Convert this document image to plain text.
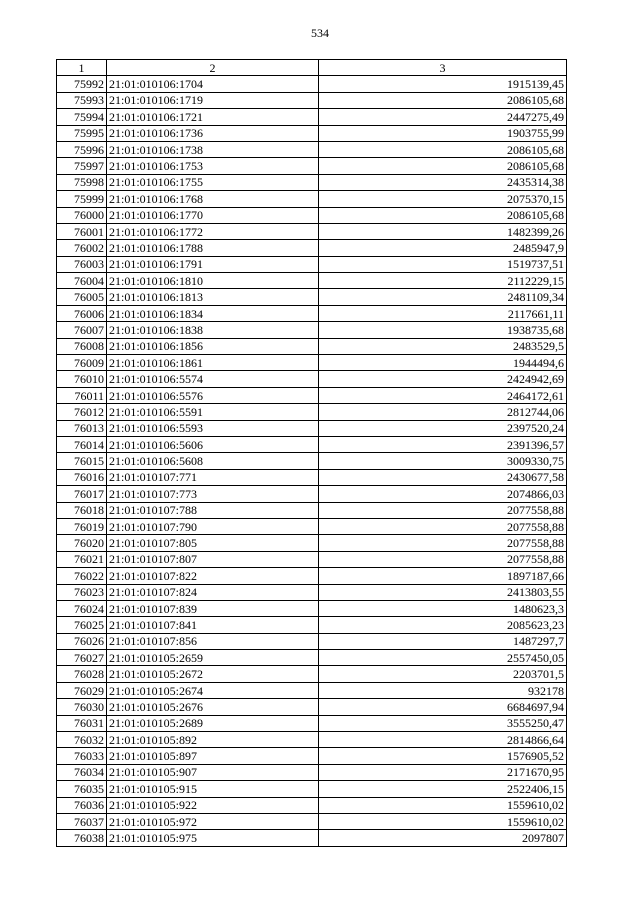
534
1	2	3
75992	21:01:010106:1704	1915139,45
75993	21:01:010106:1719	2086105,68
75994	21:01:010106:1721	2447275,49
75995	21:01:010106:1736	1903755,99
75996	21:01:010106:1738	2086105,68
75997	21:01:010106:1753	2086105,68
75998	21:01:010106:1755	2435314,38
75999	21:01:010106:1768	2075370,15
76000	21:01:010106:1770	2086105,68
76001	21:01:010106:1772	1482399,26
76002	21:01:010106:1788	2485947,9
76003	21:01:010106:1791	1519737,51
76004	21:01:010106:1810	2112229,15
76005	21:01:010106:1813	2481109,34
76006	21:01:010106:1834	2117661,11
76007	21:01:010106:1838	1938735,68
76008	21:01:010106:1856	2483529,5
76009	21:01:010106:1861	1944494,6
76010	21:01:010106:5574	2424942,69
76011	21:01:010106:5576	2464172,61
76012	21:01:010106:5591	2812744,06
76013	21:01:010106:5593	2397520,24
76014	21:01:010106:5606	2391396,57
76015	21:01:010106:5608	3009330,75
76016	21:01:010107:771	2430677,58
76017	21:01:010107:773	2074866,03
76018	21:01:010107:788	2077558,88
76019	21:01:010107:790	2077558,88
76020	21:01:010107:805	2077558,88
76021	21:01:010107:807	2077558,88
76022	21:01:010107:822	1897187,66
76023	21:01:010107:824	2413803,55
76024	21:01:010107:839	1480623,3
76025	21:01:010107:841	2085623,23
76026	21:01:010107:856	1487297,7
76027	21:01:010105:2659	2557450,05
76028	21:01:010105:2672	2203701,5
76029	21:01:010105:2674	932178
76030	21:01:010105:2676	6684697,94
76031	21:01:010105:2689	3555250,47
76032	21:01:010105:892	2814866,64
76033	21:01:010105:897	1576905,52
76034	21:01:010105:907	2171670,95
76035	21:01:010105:915	2522406,15
76036	21:01:010105:922	1559610,02
76037	21:01:010105:972	1559610,02
76038	21:01:010105:975	2097807
